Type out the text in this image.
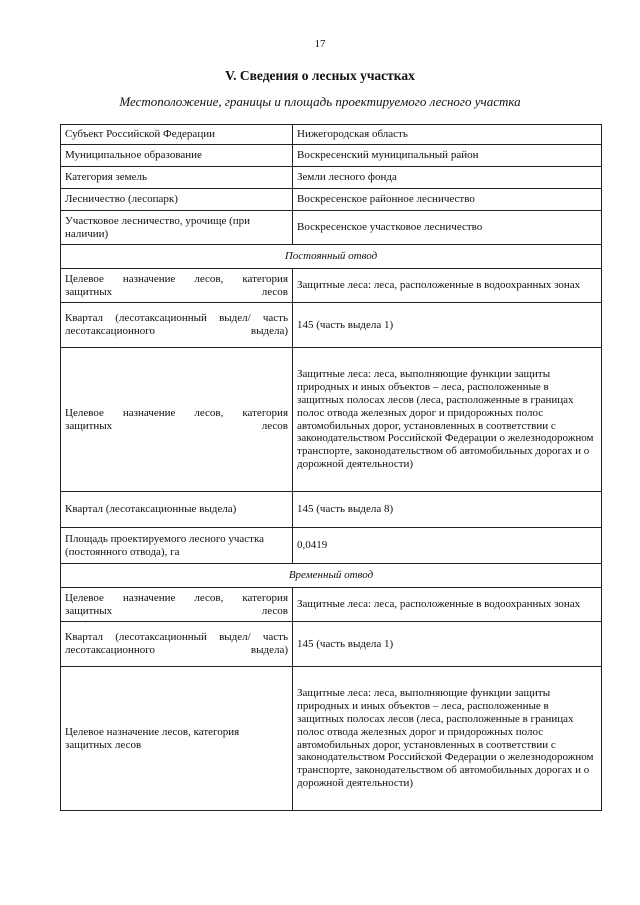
17
V. Сведения о лесных участках
Местоположение, границы и площадь проектируемого лесного участка
Субъект Российской Федерации	Нижегородская область
Муниципальное образование	Воскресенский муниципальный район
Категория земель	Земли лесного фонда
Лесничество (лесопарк)	Воскресенское районное лесничество
Участковое лесничество, урочище (при наличии)	Воскресенское участковое лесничество
Постоянный отвод	
Целевое назначение лесов, категория защитных лесов	Защитные леса: леса, расположенные в водоохранных зонах
Квартал (лесотаксационный выдел/ часть лесотаксационного выдела)	145 (часть выдела 1)
Целевое назначение лесов, категория защитных лесов	Защитные леса: леса, выполняющие функции защиты природных и иных объектов – леса, расположенные в защитных полосах лесов (леса, расположенные в границах полос отвода железных дорог и придорожных полос автомобильных дорог, установленных в соответствии с законодательством Российской Федерации о железнодорожном транспорте, законодательством об автомобильных дорогах и о дорожной деятельности)
Квартал (лесотаксационные выдела)	145 (часть выдела 8)
Площадь проектируемого лесного участка (постоянного отвода), га	0,0419
Временный отвод	
Целевое назначение лесов, категория защитных лесов	Защитные леса: леса, расположенные в водоохранных зонах
Квартал (лесотаксационный выдел/ часть лесотаксационного выдела)	145 (часть выдела 1)
Целевое назначение лесов, категория защитных лесов	Защитные леса: леса, выполняющие функции защиты природных и иных объектов – леса, расположенные в защитных полосах лесов (леса, расположенные в границах полос отвода железных дорог и придорожных полос автомобильных дорог, установленных в соответствии с законодательством Российской Федерации о железнодорожном транспорте, законодательством об автомобильных дорогах и о дорожной деятельности)
